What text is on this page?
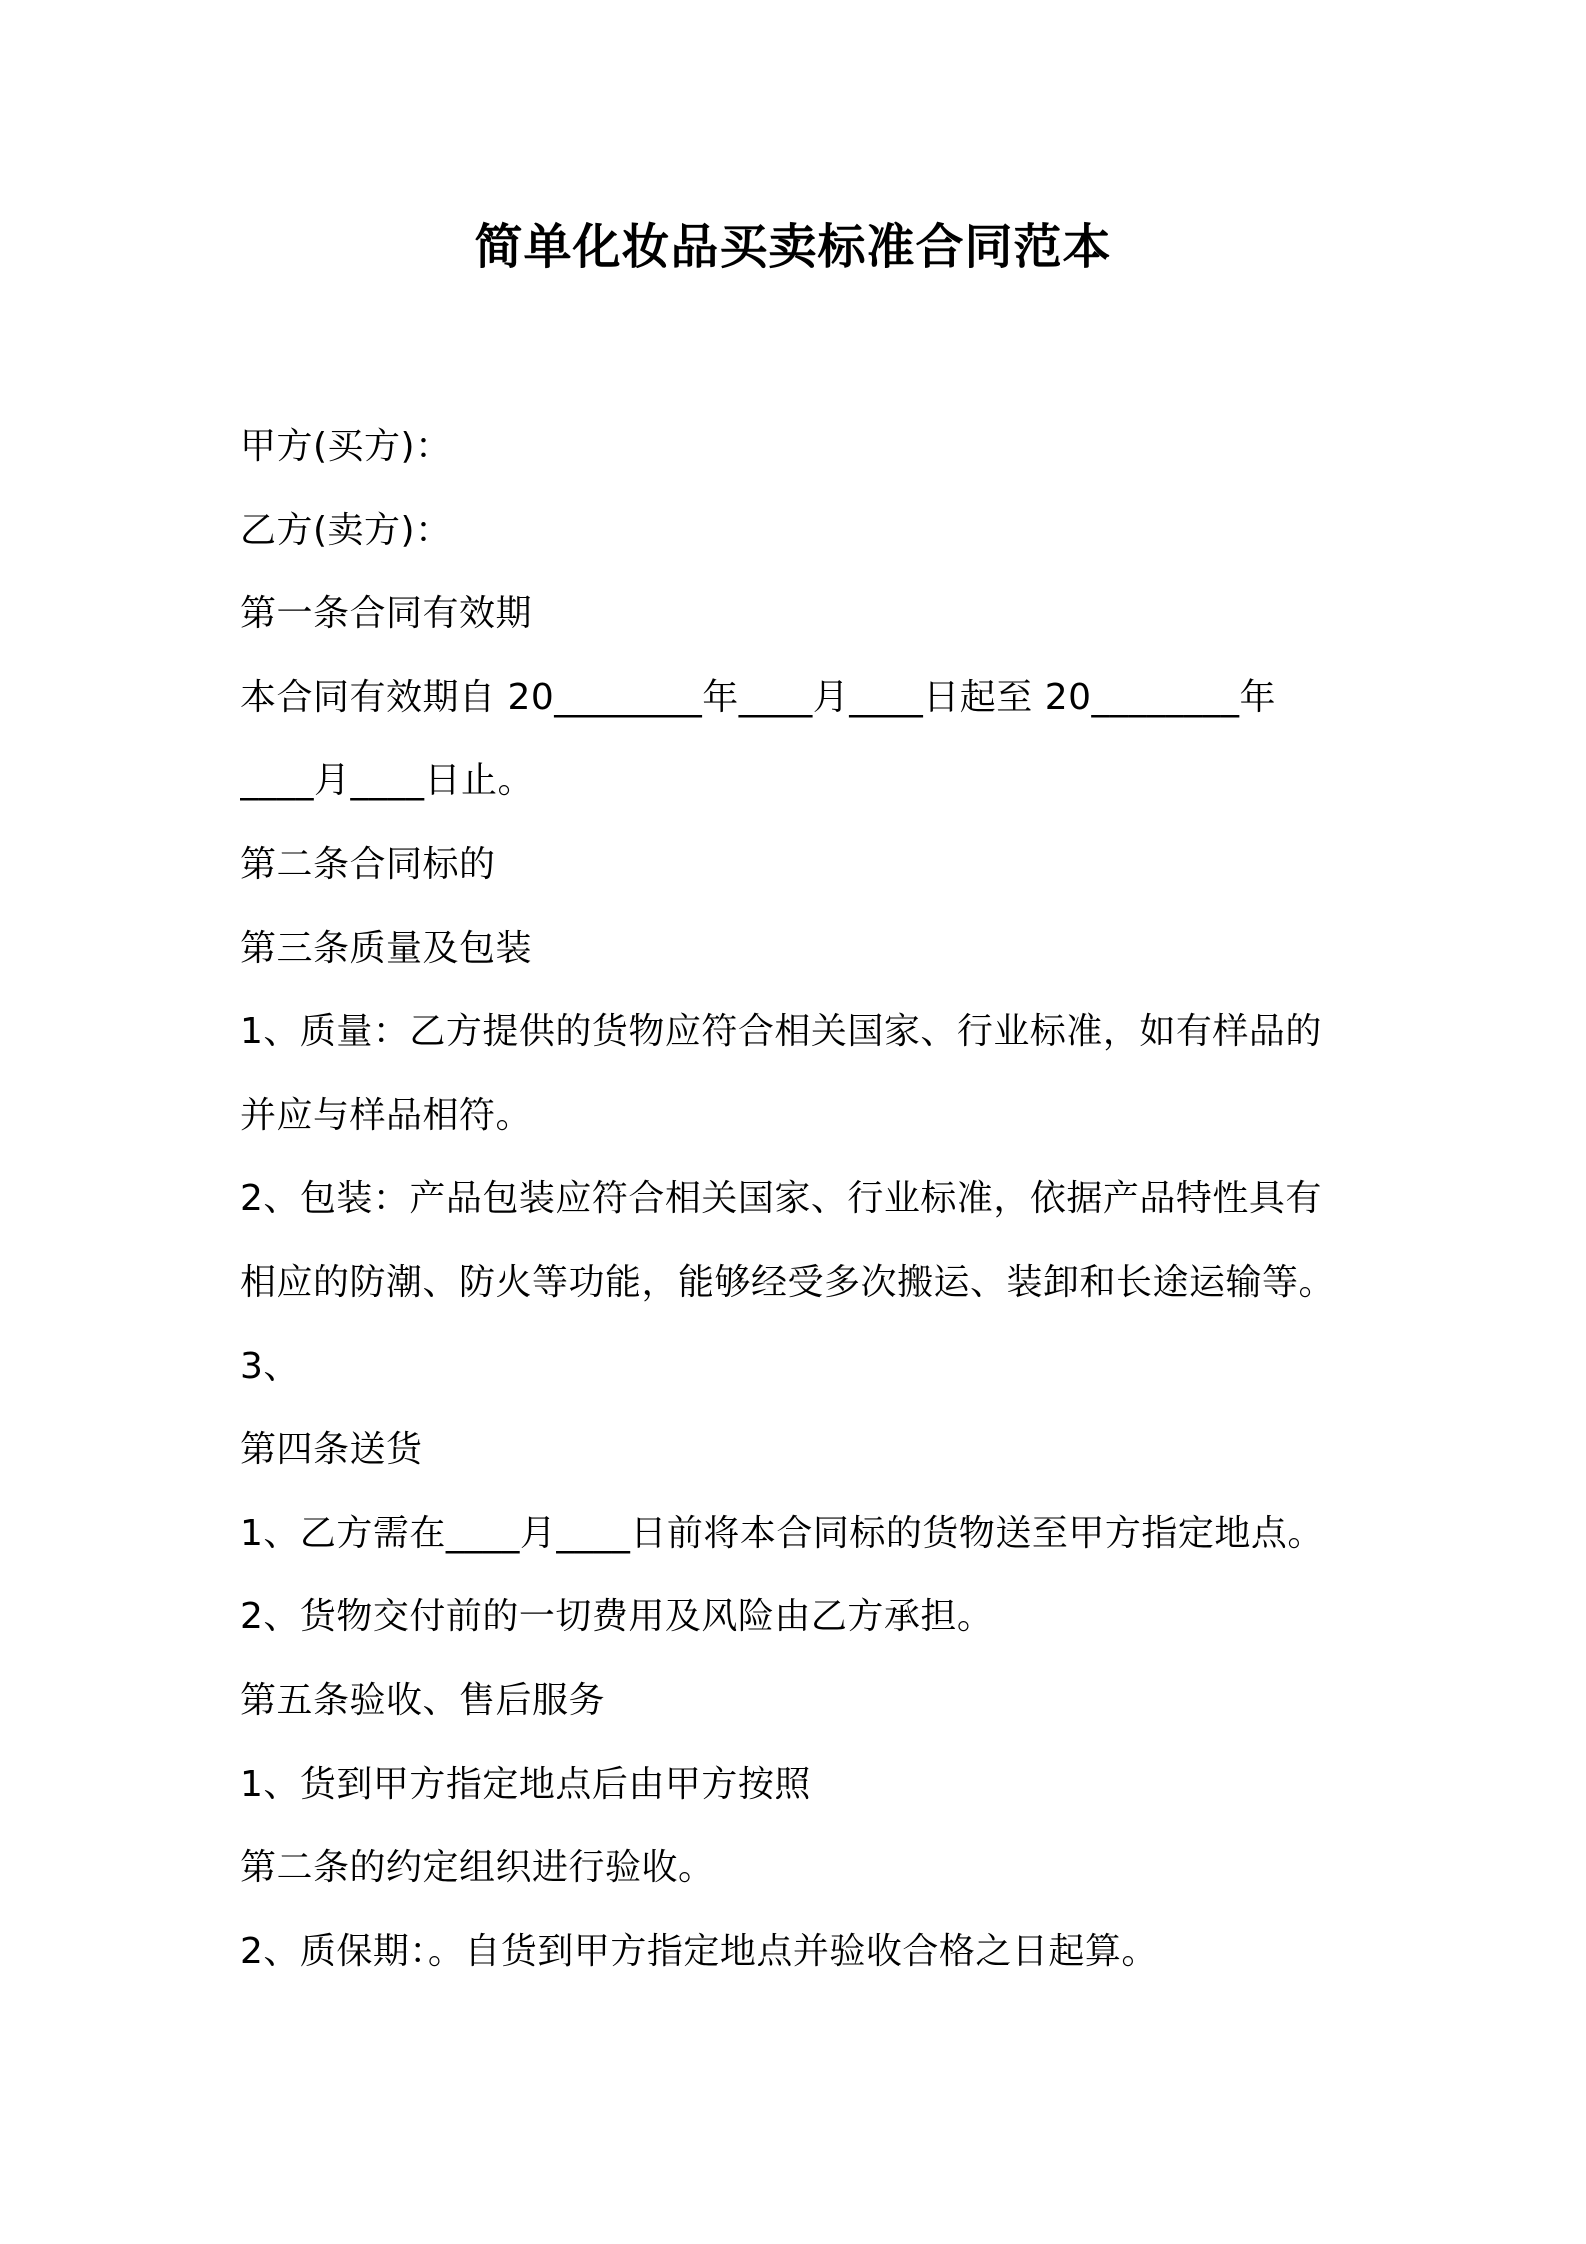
简单化妆品买卖标准合同范本
甲方(买方)：
乙方(卖方)：
第一条合同有效期
本合同有效期自 20________年____月____日起至 20________年
____月____日止。
第二条合同标的
第三条质量及包装
1、质量：乙方提供的货物应符合相关国家、行业标准，如有样品的
并应与样品相符。
2、包装：产品包装应符合相关国家、行业标准，依据产品特性具有
相应的防潮、防火等功能，能够经受多次搬运、装卸和长途运输等。
3、
第四条送货
1、乙方需在____月____日前将本合同标的货物送至甲方指定地点。
2、货物交付前的一切费用及风险由乙方承担。
第五条验收、售后服务
1、货到甲方指定地点后由甲方按照
第二条的约定组织进行验收。
2、质保期：。自货到甲方指定地点并验收合格之日起算。
